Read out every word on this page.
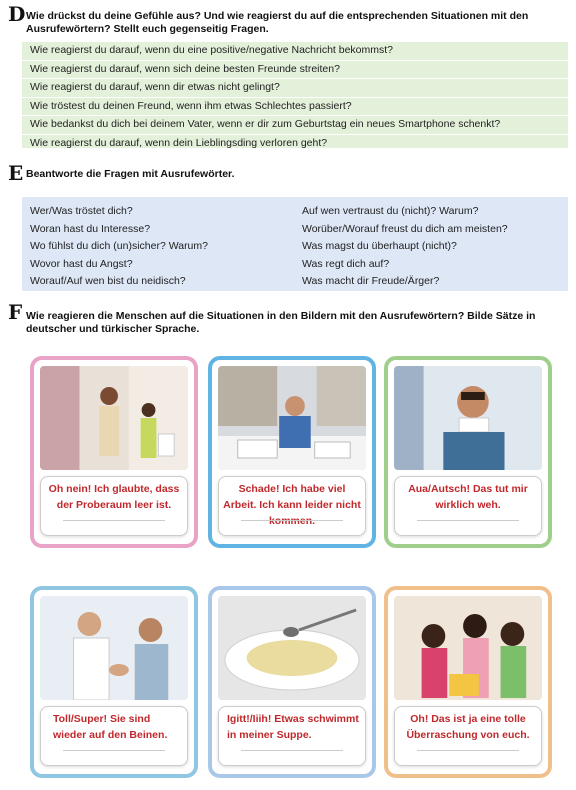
D Wie drückst du deine Gefühle aus? Und wie reagierst du auf die entsprechenden Situationen mit den Ausrufewörtern? Stellt euch gegenseitig Fragen.
Wie reagierst du darauf, wenn du eine positive/negative Nachricht bekommst?
Wie reagierst du darauf, wenn sich deine besten Freunde streiten?
Wie reagierst du darauf, wenn dir etwas nicht gelingt?
Wie tröstest du deinen Freund, wenn ihm etwas Schlechtes passiert?
Wie bedankst du dich bei deinem Vater, wenn er dir zum Geburtstag ein neues Smartphone schenkt?
Wie reagierst du darauf, wenn dein Lieblingsding verloren geht?
E Beantworte die Fragen mit Ausrufewörter.
Wer/Was tröstet dich?
Woran hast du Interesse?
Wo fühlst du dich (un)sicher? Warum?
Wovor hast du Angst?
Worauf/Auf wen bist du neidisch?
Auf wen vertraust du (nicht)? Warum?
Worüber/Worauf freust du dich am meisten?
Was magst du überhaupt (nicht)?
Was regt dich auf?
Was macht dir Freude/Ärger?
F Wie reagieren die Menschen auf die Situationen in den Bildern mit den Ausrufewörtern? Bilde Sätze in deutscher und türkischer Sprache.
Oh nein! Ich glaubte, dass der Proberaum leer ist.
Schade! Ich habe viel Arbeit. Ich kann leider nicht kommen.
Aua/Autsch! Das tut mir wirklich weh.
Toll/Super! Sie sind wieder auf den Beinen.
Igitt!/Iiih! Etwas schwimmt in meiner Suppe.
Oh! Das ist ja eine tolle Überraschung von euch.
